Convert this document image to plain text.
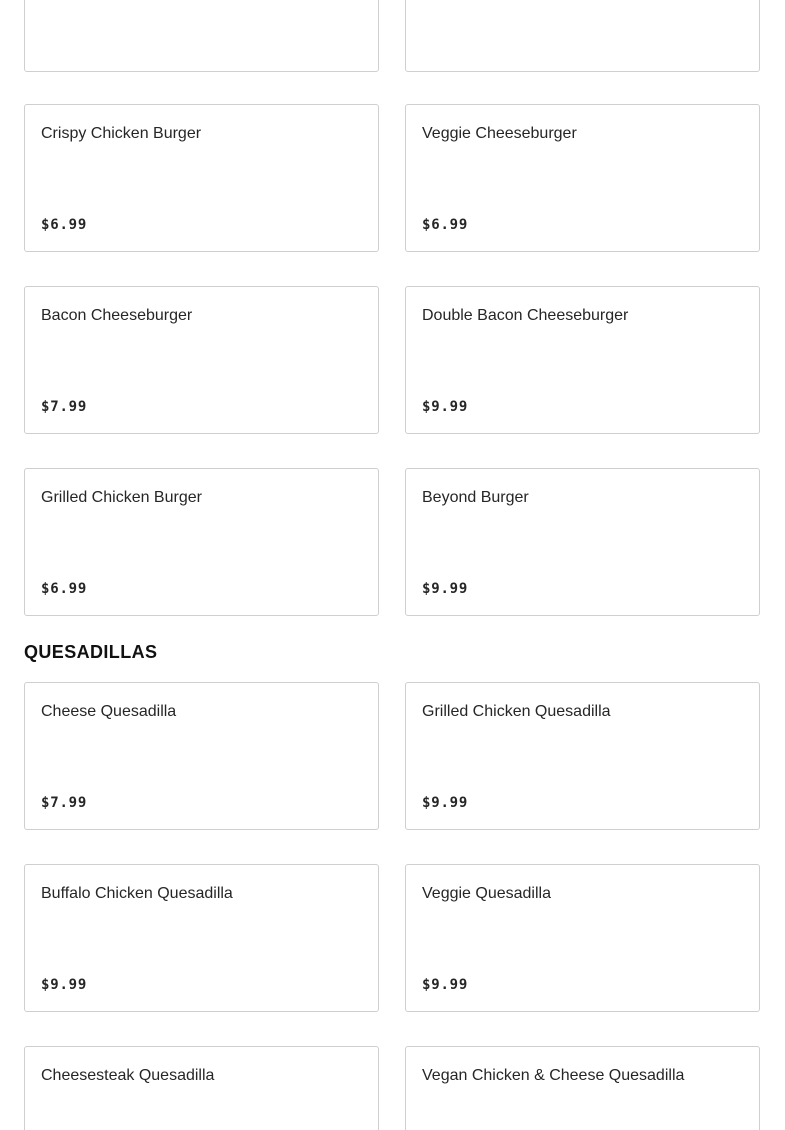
Crispy Chicken Burger
$6.99
Veggie Cheeseburger
$6.99
Bacon Cheeseburger
$7.99
Double Bacon Cheeseburger
$9.99
Grilled Chicken Burger
$6.99
Beyond Burger
$9.99
QUESADILLAS
Cheese Quesadilla
$7.99
Grilled Chicken Quesadilla
$9.99
Buffalo Chicken Quesadilla
$9.99
Veggie Quesadilla
$9.99
Cheesesteak Quesadilla	Vegan Chicken & Cheese Quesadilla
